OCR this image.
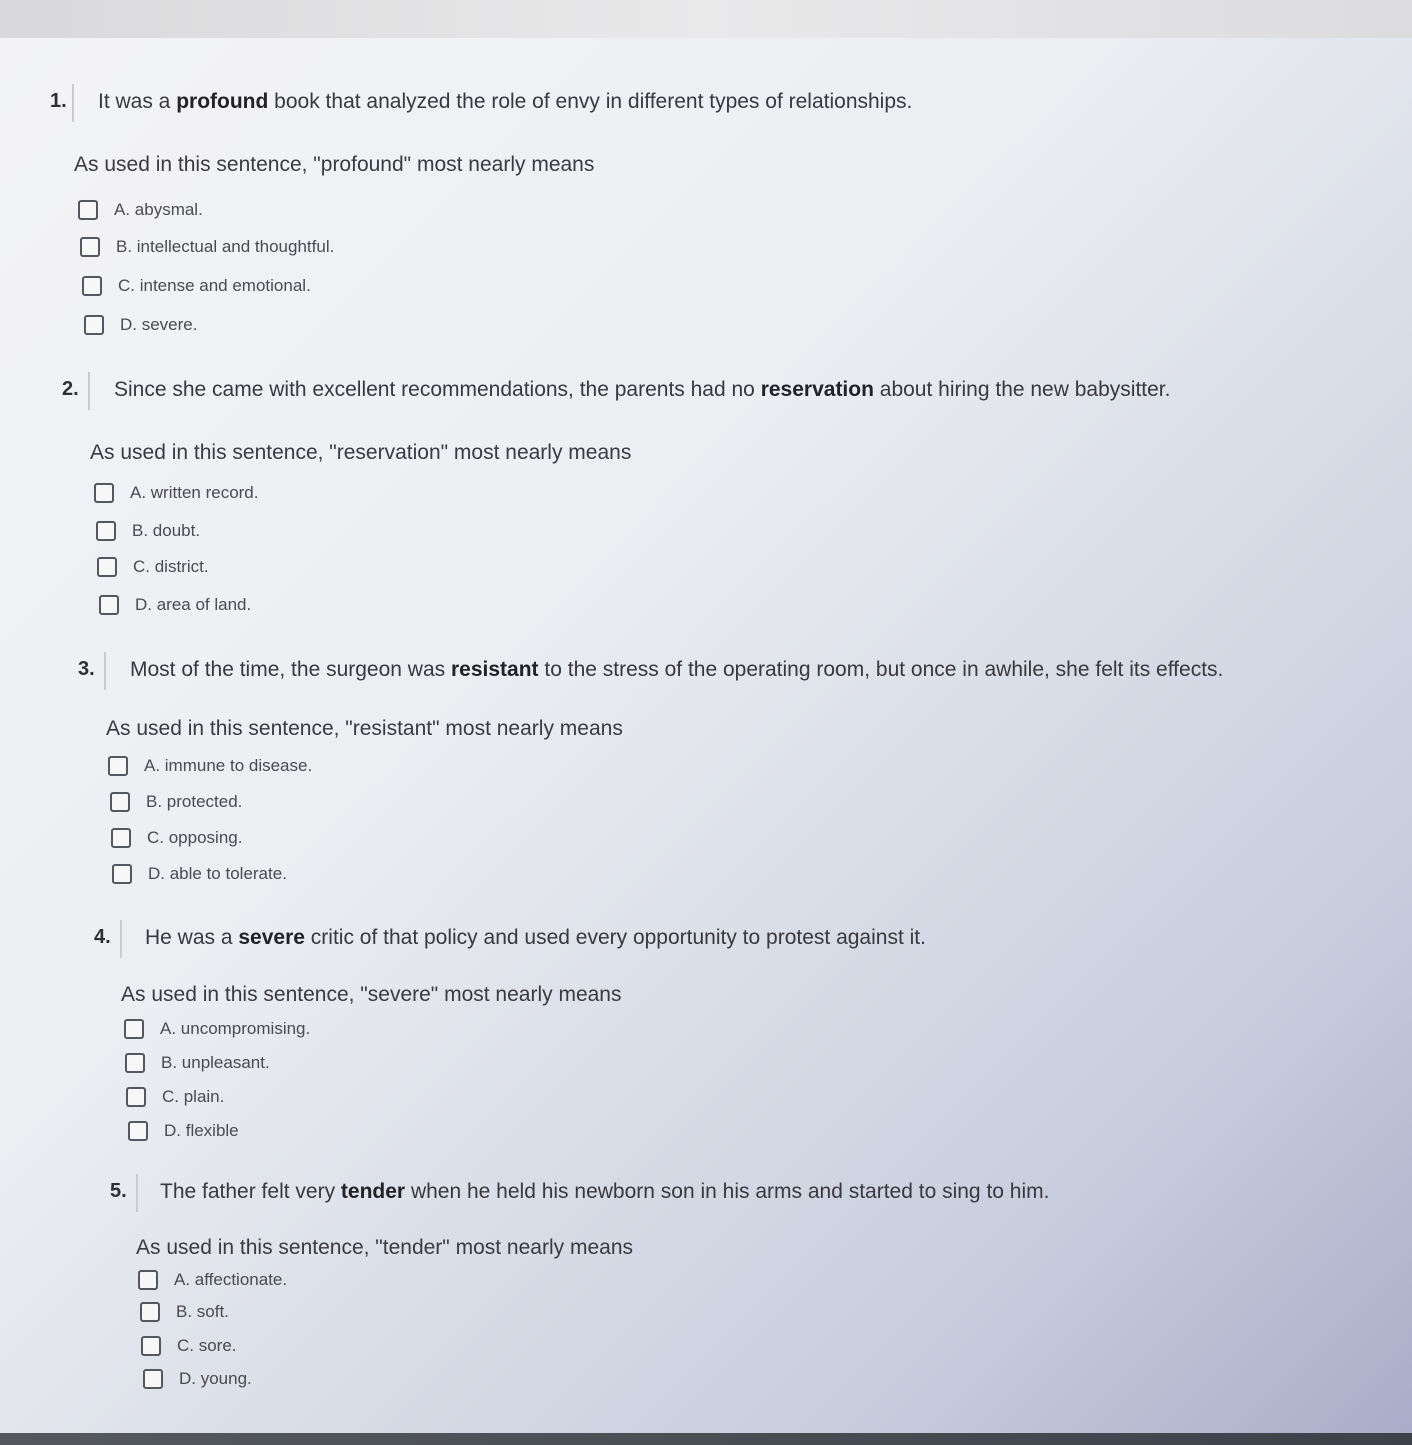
1. It was a profound book that analyzed the role of envy in different types of relationships.
As used in this sentence, "profound" most nearly means
A. abysmal.
B. intellectual and thoughtful.
C. intense and emotional.
D. severe.
2. Since she came with excellent recommendations, the parents had no reservation about hiring the new babysitter.
As used in this sentence, "reservation" most nearly means
A. written record.
B. doubt.
C. district.
D. area of land.
3. Most of the time, the surgeon was resistant to the stress of the operating room, but once in awhile, she felt its effects.
As used in this sentence, "resistant" most nearly means
A. immune to disease.
B. protected.
C. opposing.
D. able to tolerate.
4. He was a severe critic of that policy and used every opportunity to protest against it.
As used in this sentence, "severe" most nearly means
A. uncompromising.
B. unpleasant.
C. plain.
D. flexible
5. The father felt very tender when he held his newborn son in his arms and started to sing to him.
As used in this sentence, "tender" most nearly means
A. affectionate.
B. soft.
C. sore.
D. young.
